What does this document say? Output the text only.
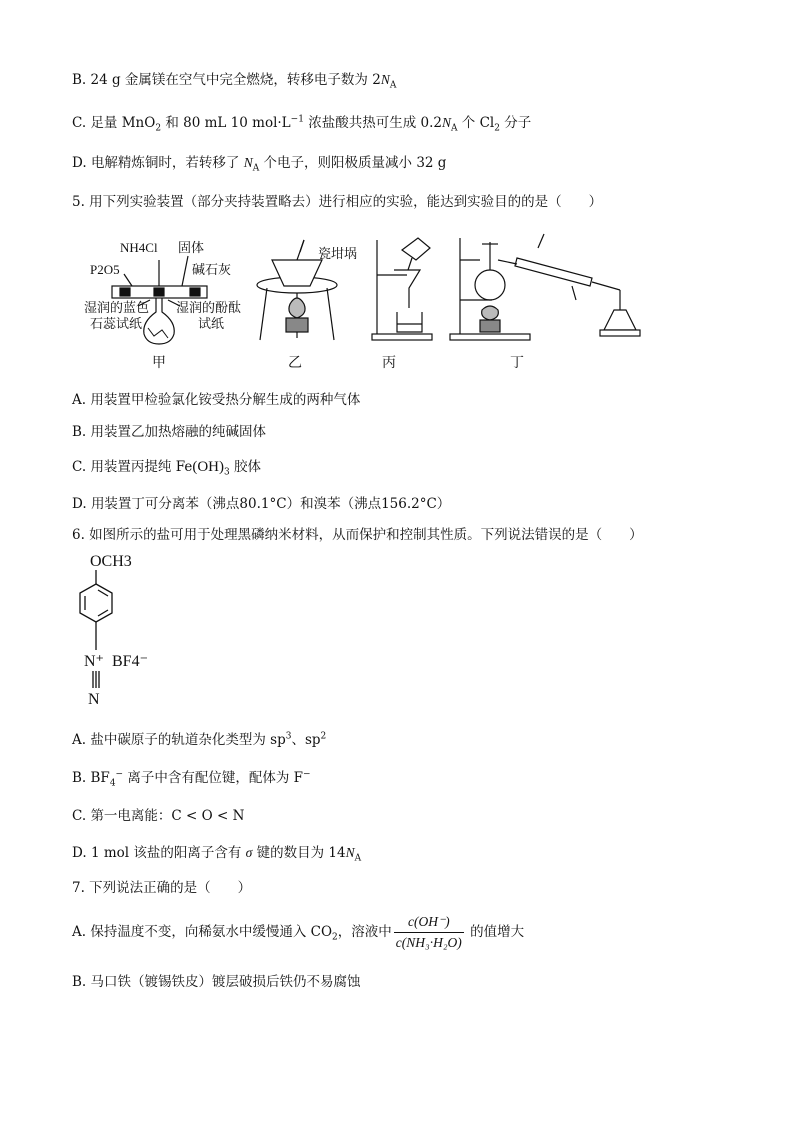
B. 24 g 金属镁在空气中完全燃烧，转移电子数为 $2N_A$
C. 足量 MnO$_2$ 和 80 mL 10 $mol\cdot L^{-1}$ 浓盐酸共热可生成 $0.2N_A$ 个 $Cl_2$ 分子
D. 电解精炼铜时，若转移了 $N_A$ 个电子，则阳极质量减小 32 g
5. 用下列实验装置（部分夹持装置略去）进行相应的实验，能达到实验目的的是（　　）
NH4Cl 固体
P2O5	碱石灰
湿润的蓝色
石蕊试纸
湿润的酚酞
试纸
瓷坩埚
甲	乙	丙	丁
A. 用装置甲检验氯化铵受热分解生成的两种气体
B. 用装置乙加热熔融的纯碱固体
C. 用装置丙提纯 $Fe(OH)_3$ 胶体
D. 用装置丁可分离苯（沸点80.1°C）和溴苯（沸点156.2°C）
6. 如图所示的盐可用于处理黑磷纳米材料，从而保护和控制其性质。下列说法错误的是（　　）
OCH3
N⁺ BF4⁻
N
A. 盐中碳原子的轨道杂化类型为 $sp^3$、$sp^2$
B. $BF_4^-$ 离子中含有配位键，配体为 F−
C. 第一电离能：C < O < N
D. 1 mol 该盐的阳离子含有 σ 键的数目为 $14N_A$
7. 下列说法正确的是（　　）
A. 保持温度不变，向稀氨水中缓慢通入 $CO_2$，溶液中 $\frac{c(OH^-)}{\text{c(NH₃·H₂O)}}$ 的值增大
B. 马口铁（镀锡铁皮）镀层破损后铁仍不易腐蚀
